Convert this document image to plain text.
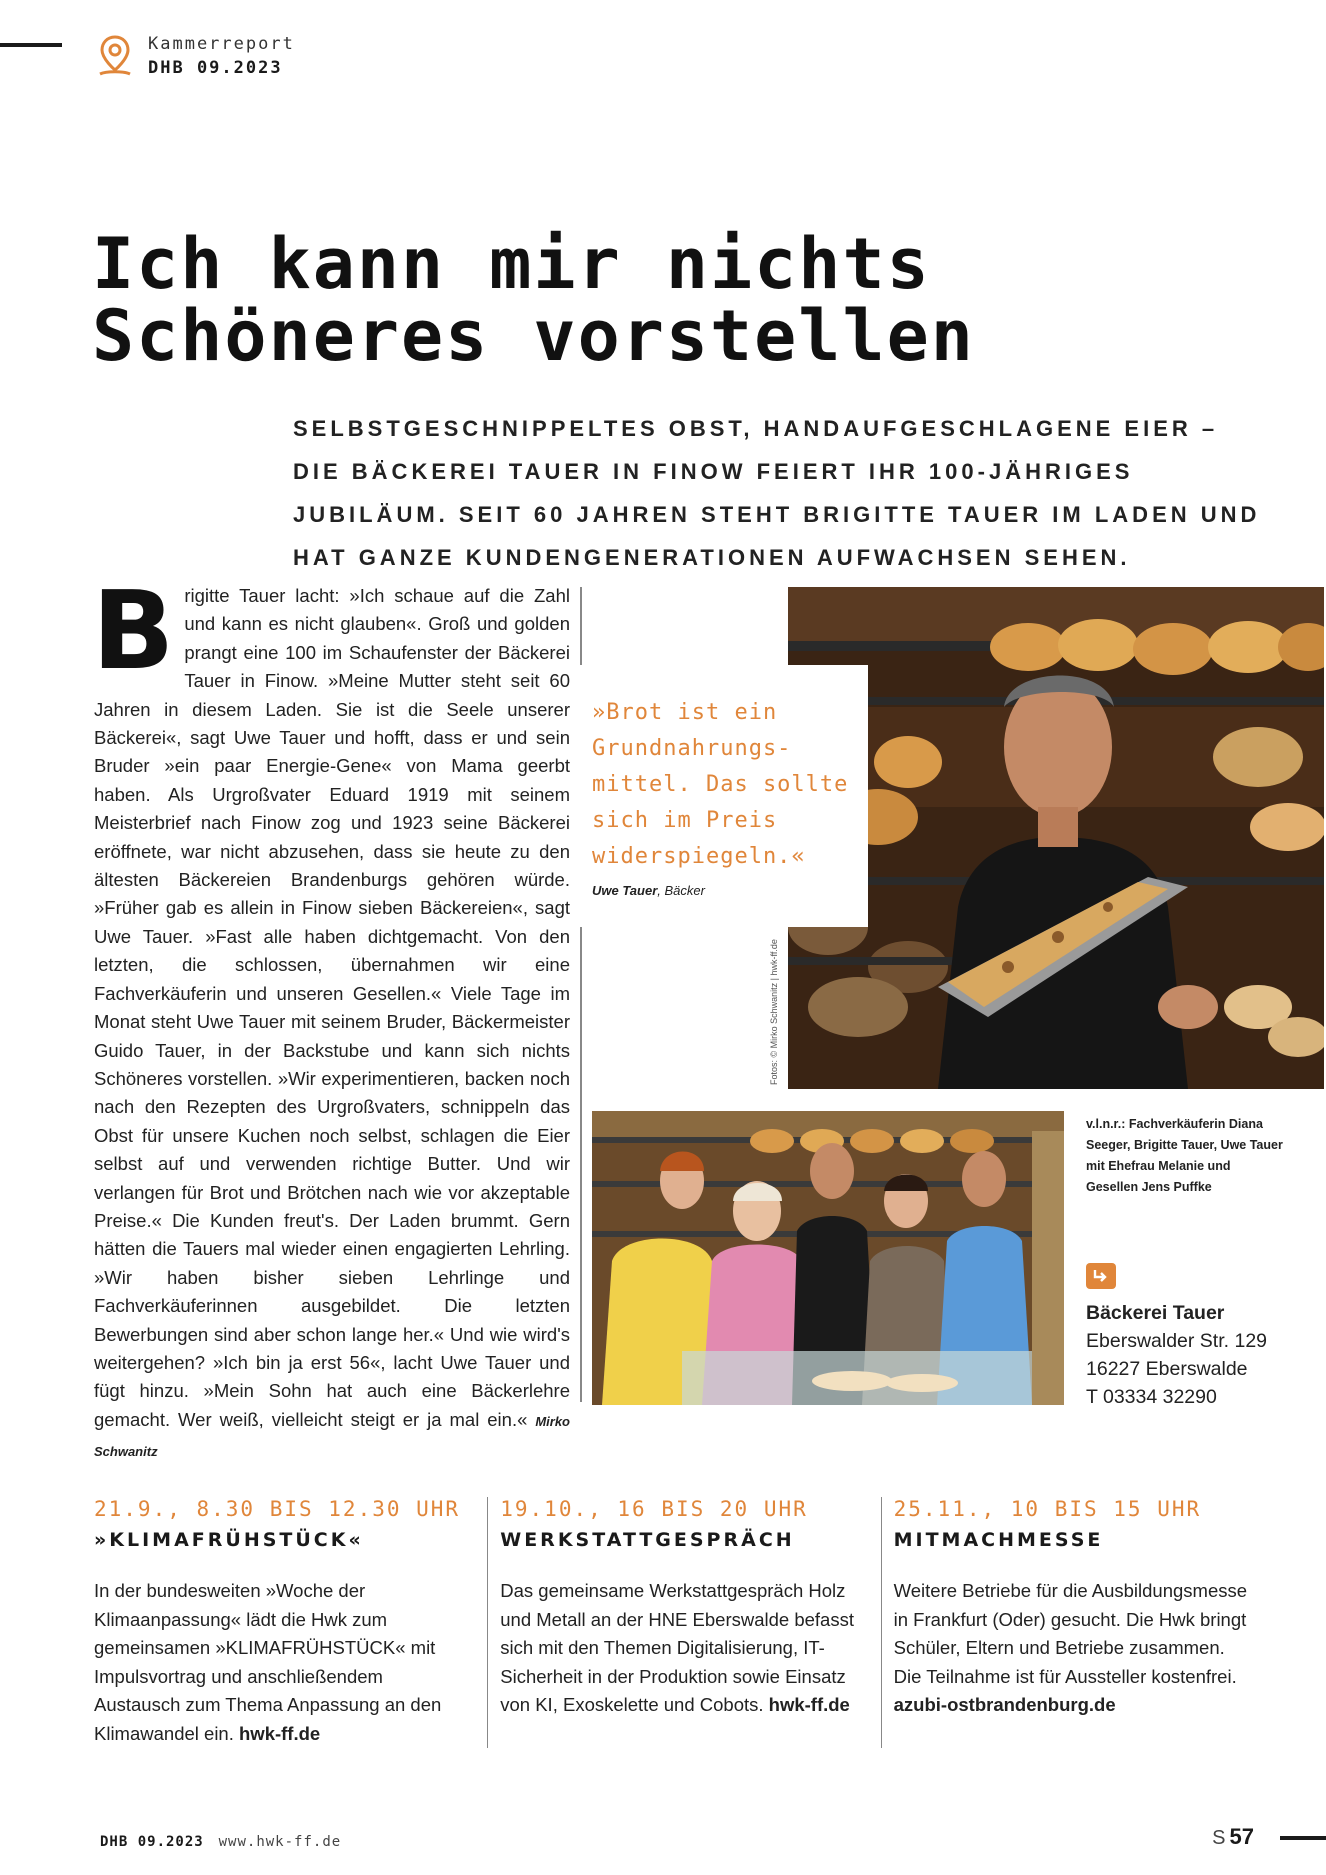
Kammerreport
DHB 09.2023
Ich kann mir nichts
Schöneres vorstellen

SELBSTGESCHNIPPELTES OBST, HANDAUFGESCHLAGENE EIER – DIE BÄCKEREI TAUER IN FINOW FEIERT IHR 100-JÄHRIGES JUBILÄUM. SEIT 60 JAHREN STEHT BRIGITTE TAUER IM LADEN UND HAT GANZE KUNDENGENERATIONEN AUFWACHSEN SEHEN.

Brigitte Tauer lacht: »Ich schaue auf die Zahl und kann es nicht glauben«. Groß und golden prangt eine 100 im Schaufenster der Bäckerei Tauer in Finow. »Meine Mutter steht seit 60 Jahren in diesem Laden. Sie ist die Seele unserer Bäckerei«, sagt Uwe Tauer und hofft, dass er und sein Bruder »ein paar Energie-Gene« von Mama geerbt haben. Als Urgroßvater Eduard 1919 mit seinem Meisterbrief nach Finow zog und 1923 seine Bäckerei eröffnete, war nicht abzusehen, dass sie heute zu den ältesten Bäckereien Brandenburgs gehören würde. »Früher gab es allein in Finow sieben Bäckereien«, sagt Uwe Tauer. »Fast alle haben dichtgemacht. Von den letzten, die schlossen, übernahmen wir eine Fachverkäuferin und unseren Gesellen.« Viele Tage im Monat steht Uwe Tauer mit seinem Bruder, Bäckermeister Guido Tauer, in der Backstube und kann sich nichts Schöneres vorstellen. »Wir experimentieren, backen noch nach den Rezepten des Urgroßvaters, schnippeln das Obst für unsere Kuchen noch selbst, schlagen die Eier selbst auf und verwenden richtige Butter. Und wir verlangen für Brot und Brötchen nach wie vor akzeptable Preise.« Die Kunden freut's. Der Laden brummt. Gern hätten die Tauers mal wieder einen engagierten Lehrling. »Wir haben bisher sieben Lehrlinge und Fachverkäuferinnen ausgebildet. Die letzten Bewerbungen sind aber schon lange her.« Und wie wird's weitergehen? »Ich bin ja erst 56«, lacht Uwe Tauer und fügt hinzu. »Mein Sohn hat auch eine Bäckerlehre gemacht. Wer weiß, vielleicht steigt er ja mal ein.« Mirko Schwanitz
»Brot ist ein Grundnahrungs-mittel. Das sollte sich im Preis widerspiegeln.«
Uwe Tauer, Bäcker
Fotos: © Mirko Schwanitz | hwk-ff.de
v.l.n.r.: Fachverkäuferin Diana Seeger, Brigitte Tauer, Uwe Tauer mit Ehefrau Melanie und Gesellen Jens Puffke
Bäckerei Tauer
Eberswalder Str. 129
16227 Eberswalde
T 03334 32290
21.9., 8.30 BIS 12.30 UHR
»KLIMAFRÜHSTÜCK«

In der bundesweiten »Woche der Klimaanpassung« lädt die Hwk zum gemeinsamen »KLIMAFRÜHSTÜCK« mit Impulsvortrag und anschließendem Austausch zum Thema Anpassung an den Klimawandel ein. hwk-ff.de

19.10., 16 BIS 20 UHR
WERKSTATTGESPRÄCH

Das gemeinsame Werkstattgespräch Holz und Metall an der HNE Eberswalde befasst sich mit den Themen Digitalisierung, IT-Sicherheit in der Produktion sowie Einsatz von KI, Exoskelette und Cobots. hwk-ff.de

25.11., 10 BIS 15 UHR
MITMACHMESSE

Weitere Betriebe für die Ausbildungsmesse in Frankfurt (Oder) gesucht. Die Hwk bringt Schüler, Eltern und Betriebe zusammen. Die Teilnahme ist für Aussteller kostenfrei. azubi-ostbrandenburg.de

DHB 09.2023 www.hwk-ff.de	S 57
